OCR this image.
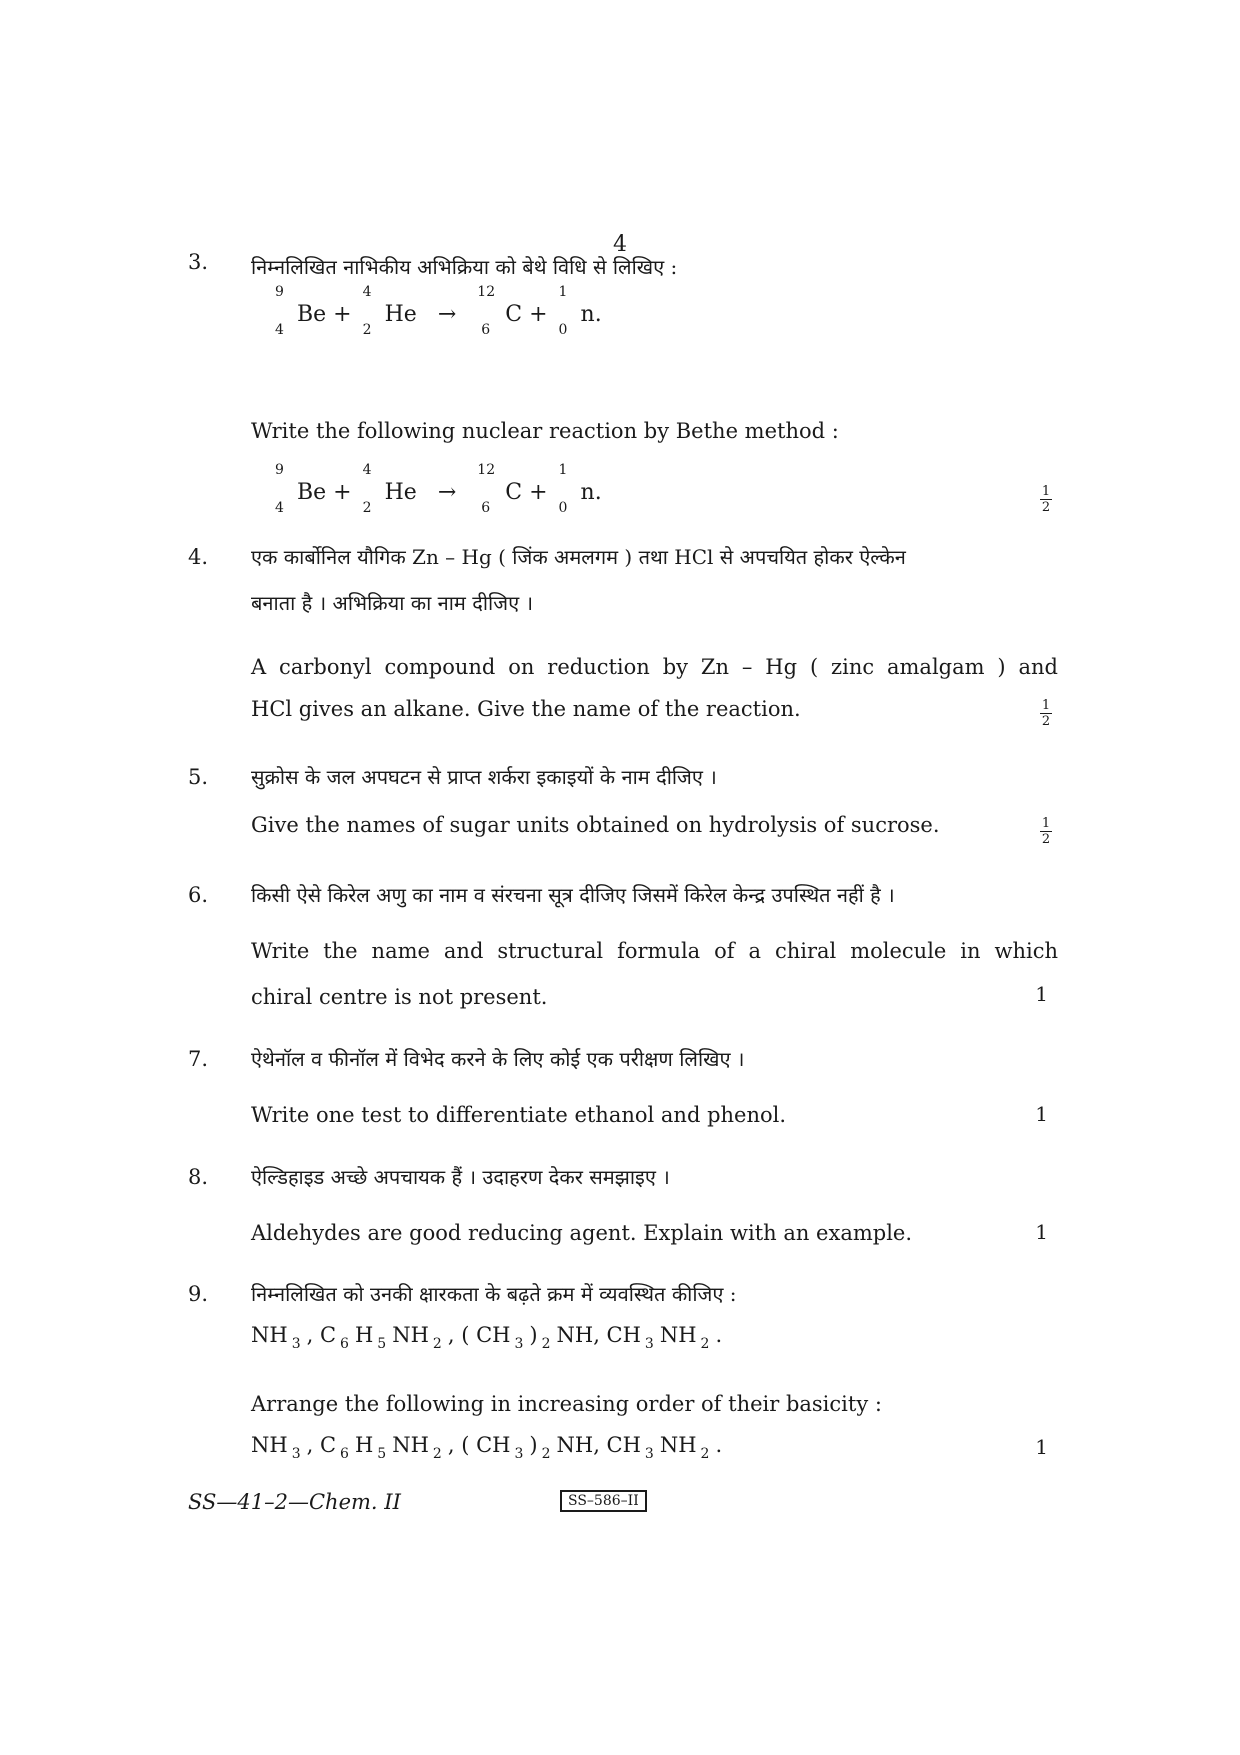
4
3. निम्नलिखित नाभिकीय अभिक्रिया को बेथे विधि से लिखिए :
9
4
Be +
4
2
He →
12
6
C +
1
0
n.
Write the following nuclear reaction by Bethe method :
9
4
Be +
4
2
He →
12
6
C +
1
0
n.	$\frac{1}{2}$
4. एक कार्बोनिल यौगिक Zn – Hg ( जिंक अमलगम ) तथा HCl से अपचयित होकर ऐल्केन
बनाता है । अभिक्रिया का नाम दीजिए ।
A carbonyl compound on reduction by Zn – Hg ( zinc amalgam ) and
HCl gives an alkane. Give the name of the reaction.	$\frac{1}{2}$
5. सुक्रोस के जल अपघटन से प्राप्त शर्करा इकाइयों के नाम दीजिए ।
Give the names of sugar units obtained on hydrolysis of sucrose.	$\frac{1}{2}$
6. किसी ऐसे किरेल अणु का नाम व संरचना सूत्र दीजिए जिसमें किरेल केन्द्र उपस्थित नहीं है ।
Write the name and structural formula of a chiral molecule in which
chiral centre is not present.	1
7. ऐथेनॉल व फीनॉल में विभेद करने के लिए कोई एक परीक्षण लिखिए ।
Write one test to differentiate ethanol and phenol.	1
8. ऐल्डिहाइड अच्छे अपचायक हैं । उदाहरण देकर समझाइए ।
Aldehydes are good reducing agent. Explain with an example.	1
9. निम्नलिखित को उनकी क्षारकता के बढ़ते क्रम में व्यवस्थित कीजिए :
NH $_3$ , C $_6$ H $_5$ NH $_2$ , ( CH $_3$ ) $_2$ NH, CH $_3$ NH $_2$ .
Arrange the following in increasing order of their basicity :
NH $_3$ , C $_6$ H $_5$ NH $_2$ , ( CH $_3$ ) $_2$ NH, CH $_3$ NH $_2$ .	1
SS—41–2—Chem. II	SS–586–II
